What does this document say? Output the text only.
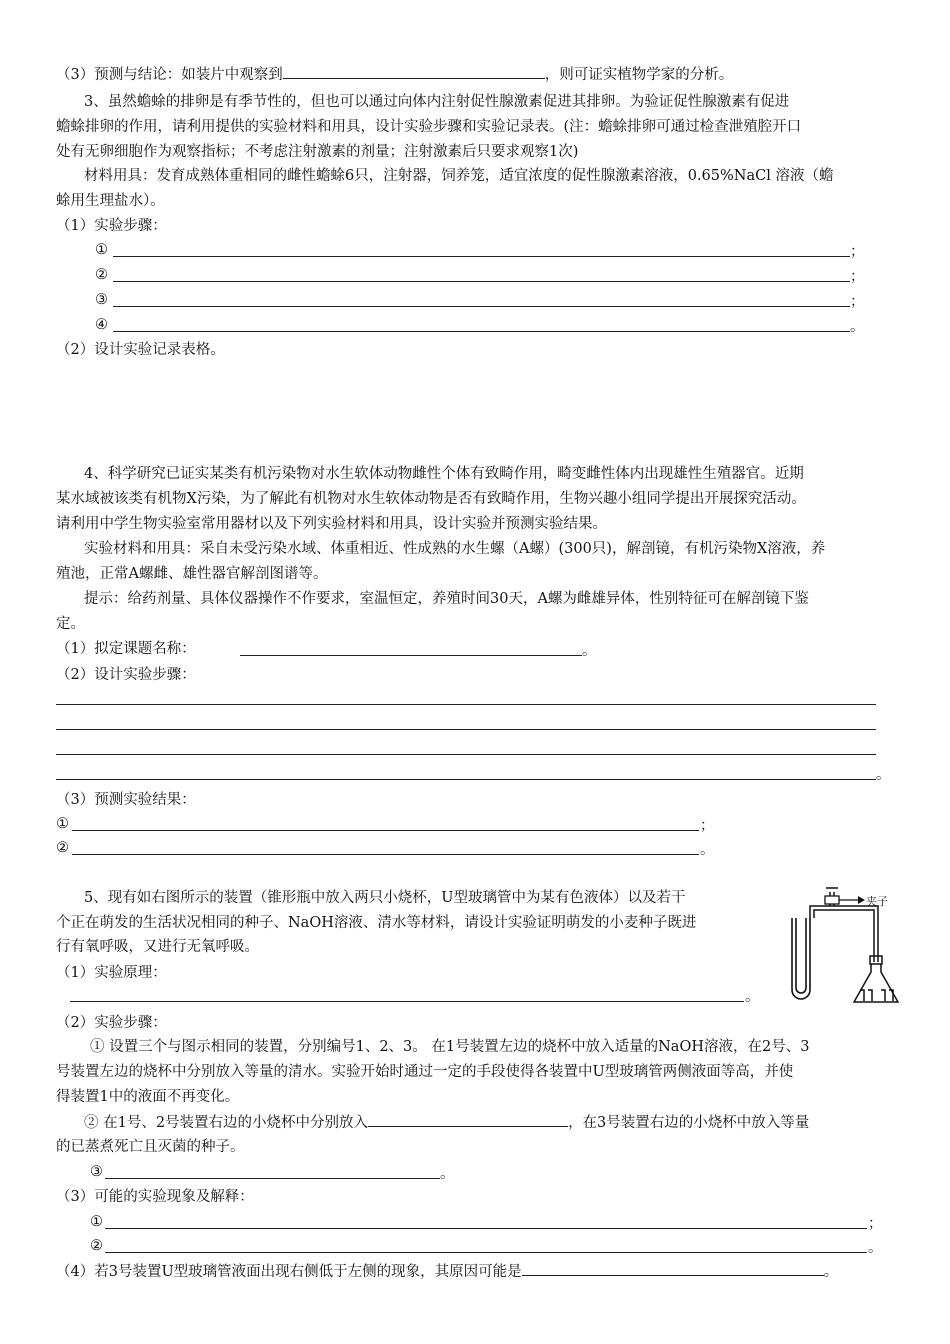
（3）预测与结论：如装片中观察到	，则可证实植物学家的分析。
3、虽然蟾蜍的排卵是有季节性的，但也可以通过向体内注射促性腺激素促进其排卵。为验证促性腺激素有促进
蟾蜍排卵的作用，请利用提供的实验材料和用具，设计实验步骤和实验记录表。(注：蟾蜍排卵可通过检查泄殖腔开口
处有无卵细胞作为观察指标；不考虑注射激素的剂量；注射激素后只要求观察1次)
材料用具：发育成熟体重相同的雌性蟾蜍6只，注射器，饲养笼，适宜浓度的促性腺激素溶液，0.65%NaCl 溶液（蟾
蜍用生理盐水）。
（1）实验步骤：
①	；
②	；
③	；
④	。
（2）设计实验记录表格。
4、科学研究已证实某类有机污染物对水生软体动物雌性个体有致畸作用，畸变雌性体内出现雄性生殖器官。近期
某水域被该类有机物X污染，为了解此有机物对水生软体动物是否有致畸作用，生物兴趣小组同学提出开展探究活动。
请利用中学生物实验室常用器材以及下列实验材料和用具，设计实验并预测实验结果。
实验材料和用具：采自未受污染水域、体重相近、性成熟的水生螺（A螺）(300只)，解剖镜，有机污染物X溶液，养
殖池，正常A螺雌、雄性器官解剖图谱等。
提示：给药剂量、具体仪器操作不作要求，室温恒定，养殖时间30天，A螺为雌雄异体，性别特征可在解剖镜下鉴
定。
（1）拟定课题名称：	。
（2）设计实验步骤：
。
（3）预测实验结果：
①	；
②	。
5、现有如右图所示的装置（锥形瓶中放入两只小烧杯，U型玻璃管中为某有色液体）以及若干
个正在萌发的生活状况相同的种子、NaOH溶液、清水等材料，请设计实验证明萌发的小麦种子既进
行有氧呼吸，又进行无氧呼吸。
夹子
（1）实验原理：
。
（2）实验步骤：
① 设置三个与图示相同的装置，分别编号1、2、3。 在1号装置左边的烧杯中放入适量的NaOH溶液，在2号、3
号装置左边的烧杯中分别放入等量的清水。实验开始时通过一定的手段使得各装置中U型玻璃管两侧液面等高，并使
得装置1中的液面不再变化。
② 在1号、2号装置右边的小烧杯中分别放入	，在3号装置右边的小烧杯中放入等量
的已蒸煮死亡且灭菌的种子。
③	。
（3）可能的实验现象及解释：
①	；
②	。
（4）若3号装置U型玻璃管液面出现右侧低于左侧的现象，其原因可能是	。
